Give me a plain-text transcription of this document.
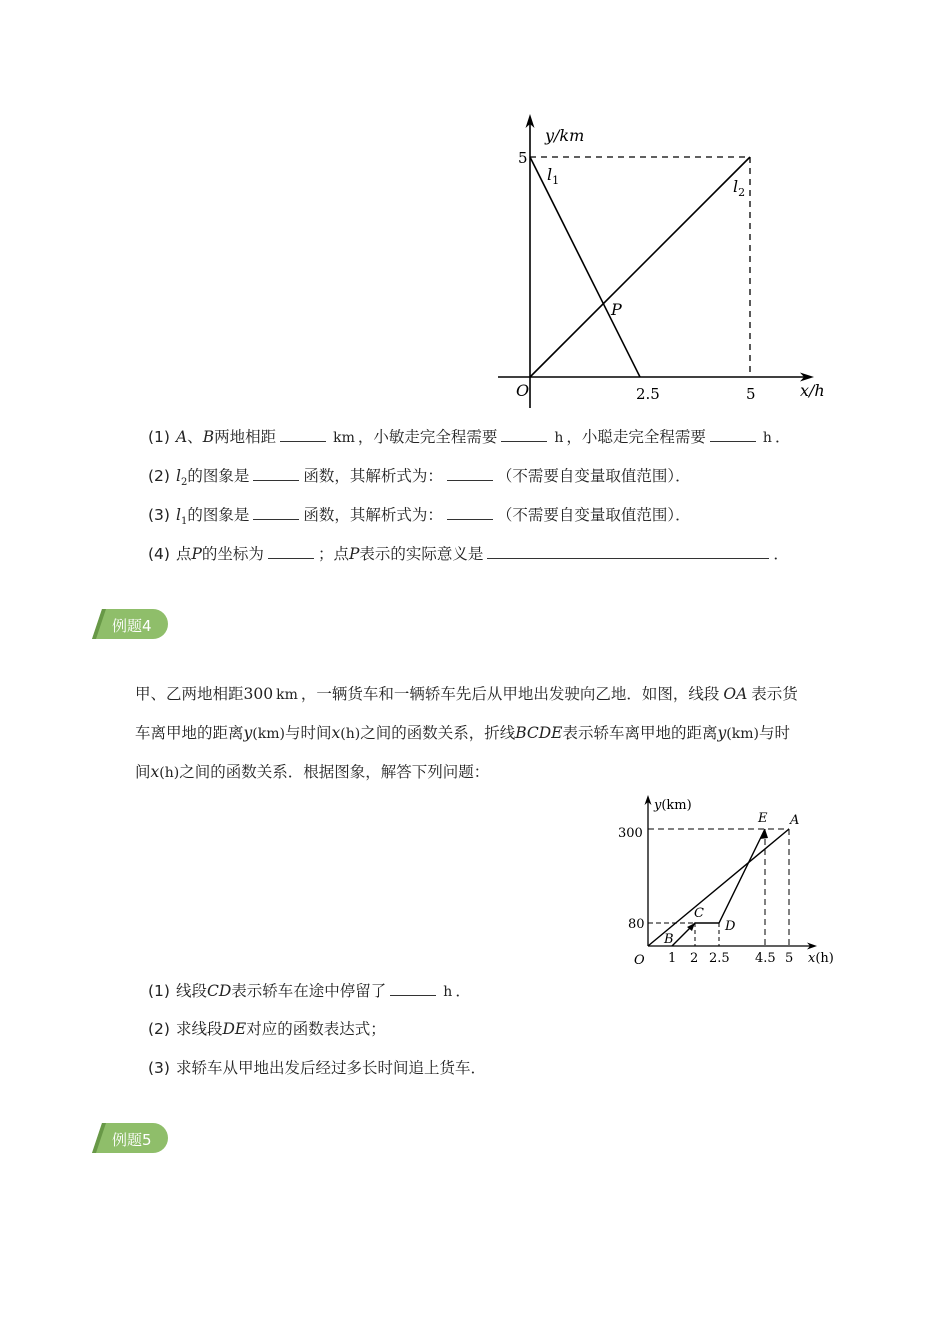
y/km
x/h
O
5
2.5	5
$l_1$	$l_2$
P
(1) A、B两地相距	km ，小敏走完全程需要	h ，小聪走完全程需要	h ．
(2) $l_2$的图象是	函数，其解析式为：	（不需要自变量取值范围）．
(3) $l_1$的图象是	函数，其解析式为：	（不需要自变量取值范围）．
(4) 点P的坐标为	；点P表示的实际意义是	．
例题4
甲、乙两地相距300 km ，一辆货车和一辆轿车先后从甲地出发驶向乙地．如图，线段 OA 表示货
车离甲地的距离y(km)与时间x(h)之间的函数关系，折线BCDE表示轿车离甲地的距离y(km)与时
间x(h)之间的函数关系．根据图象，解答下列问题：
y(km)
300
80
O 1 2 2.5 4.5 5 x(h)
A
B
C
D
E
(1) 线段CD表示轿车在途中停留了	h ．
(2) 求线段DE对应的函数表达式；
(3) 求轿车从甲地出发后经过多长时间追上货车．
例题5
